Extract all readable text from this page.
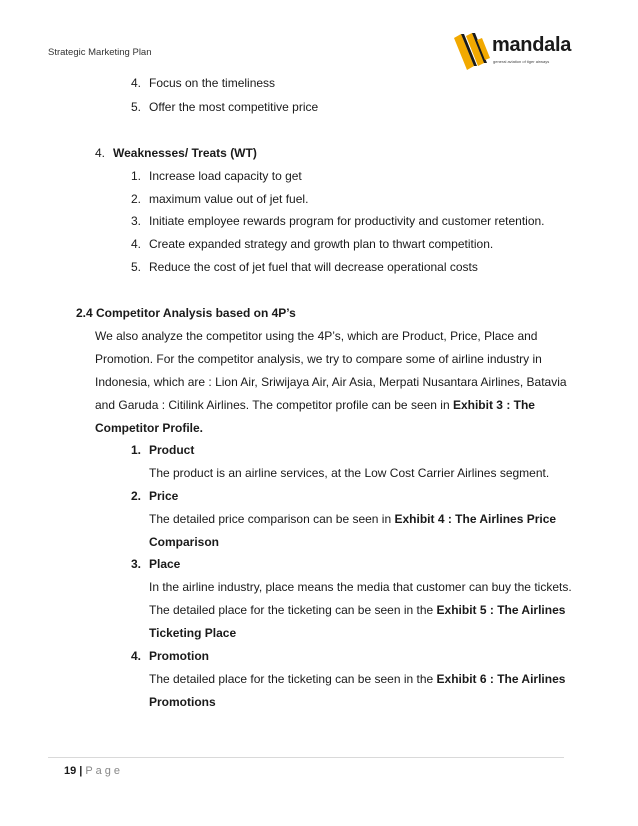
Strategic Marketing Plan	mandala
general aviation of tiger airways
4. Focus on the timeliness
5. Offer the most competitive price
4. Weaknesses/ Treats (WT)
1. Increase load capacity to get
2. maximum value out of jet fuel.
3. Initiate employee rewards program for productivity and customer retention.
4. Create expanded strategy and growth plan to thwart competition.
5. Reduce the cost of jet fuel that will decrease operational costs
2.4 Competitor Analysis based on 4P’s
We also analyze the competitor using the 4P’s, which are Product, Price, Place and
Promotion. For the competitor analysis, we try to compare some of airline industry in
Indonesia, which are : Lion Air, Sriwijaya Air, Air Asia, Merpati Nusantara Airlines, Batavia
and Garuda : Citilink Airlines. The competitor profile can be seen in Exhibit 3 : The
Competitor Profile.
1. Product
The product is an airline services, at the Low Cost Carrier Airlines segment.
2. Price
The detailed price comparison can be seen in Exhibit 4 : The Airlines Price
Comparison
3. Place
In the airline industry, place means the media that customer can buy the tickets.
The detailed place for the ticketing can be seen in the Exhibit 5 : The Airlines
Ticketing Place
4. Promotion
The detailed place for the ticketing can be seen in the Exhibit 6 : The Airlines
Promotions
19 | Page
